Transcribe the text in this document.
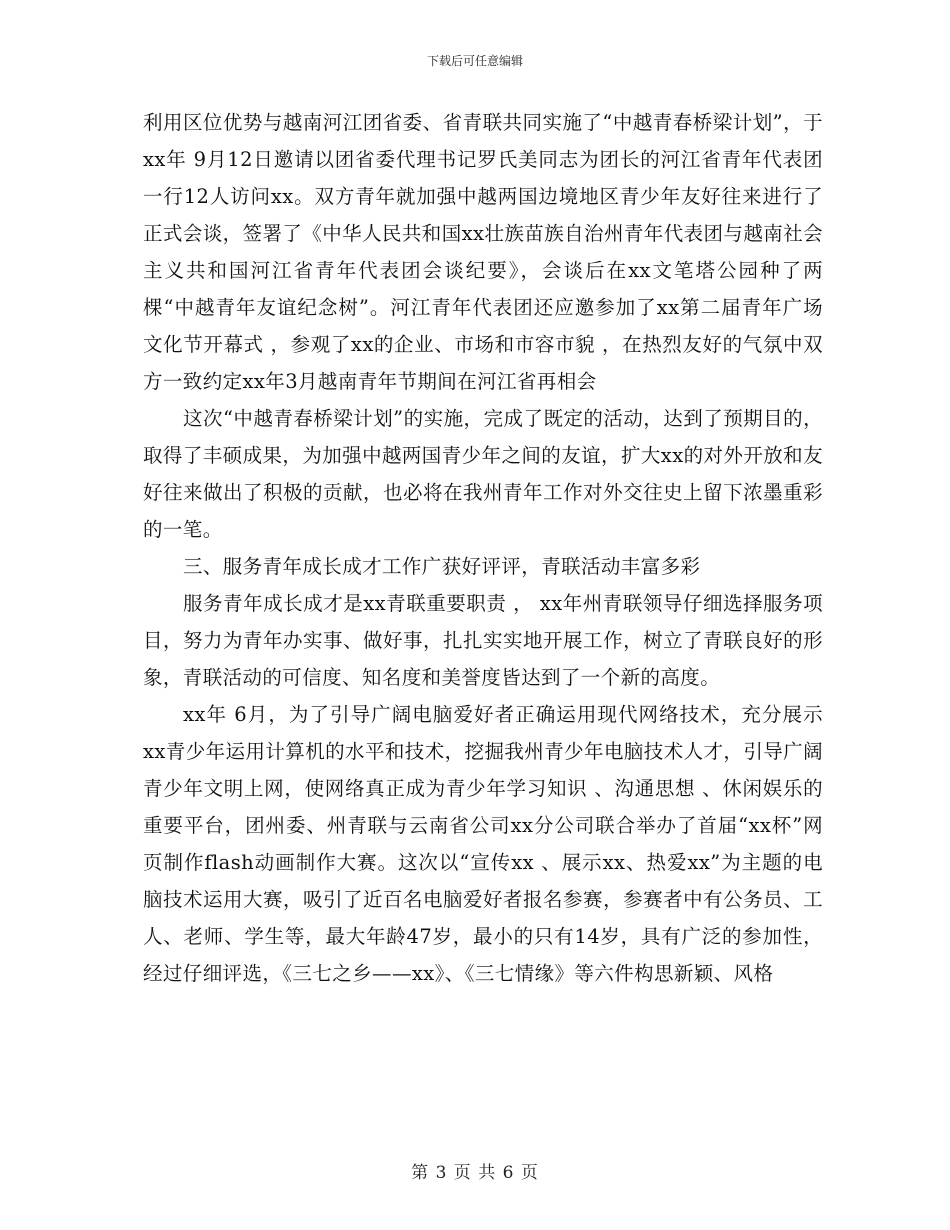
下载后可任意编辑

利用区位优势与越南河江团省委、省青联共同实施了“中越青春桥梁计划”，于xx年 9月12日邀请以团省委代理书记罗氏美同志为团长的河江省青年代表团一行12人访问xx。双方青年就加强中越两国边境地区青少年友好往来进行了正式会谈，签署了《中华人民共和国xx壮族苗族自治州青年代表团与越南社会主义共和国河江省青年代表团会谈纪要》，会谈后在xx文笔塔公园种了两棵“中越青年友谊纪念树”。河江青年代表团还应邀参加了xx第二届青年广场文化节开幕式 ，参观了xx的企业、市场和市容市貌 ，在热烈友好的气氛中双方一致约定xx年3月越南青年节期间在河江省再相会

这次“中越青春桥梁计划”的实施，完成了既定的活动，达到了预期目的，取得了丰硕成果，为加强中越两国青少年之间的友谊，扩大xx的对外开放和友好往来做出了积极的贡献，也必将在我州青年工作对外交往史上留下浓墨重彩的一笔。

三、服务青年成长成才工作广获好评评，青联活动丰富多彩

服务青年成长成才是xx青联重要职责 ， xx年州青联领导仔细选择服务项目，努力为青年办实事、做好事，扎扎实实地开展工作，树立了青联良好的形象，青联活动的可信度、知名度和美誉度皆达到了一个新的高度。

xx年 6月，为了引导广阔电脑爱好者正确运用现代网络技术，充分展示xx青少年运用计算机的水平和技术，挖掘我州青少年电脑技术人才，引导广阔青少年文明上网，使网络真正成为青少年学习知识 、沟通思想 、休闲娱乐的重要平台，团州委、州青联与云南省公司xx分公司联合举办了首届“xx杯”网页制作flash动画制作大赛。这次以“宣传xx 、展示xx、热爱xx”为主题的电脑技术运用大赛，吸引了近百名电脑爱好者报名参赛，参赛者中有公务员、工人、老师、学生等，最大年龄47岁，最小的只有14岁，具有广泛的参加性，经过仔细评选，《三七之乡——xx》、《三七情缘》等六件构思新颖、风格

第 3 页 共 6 页
